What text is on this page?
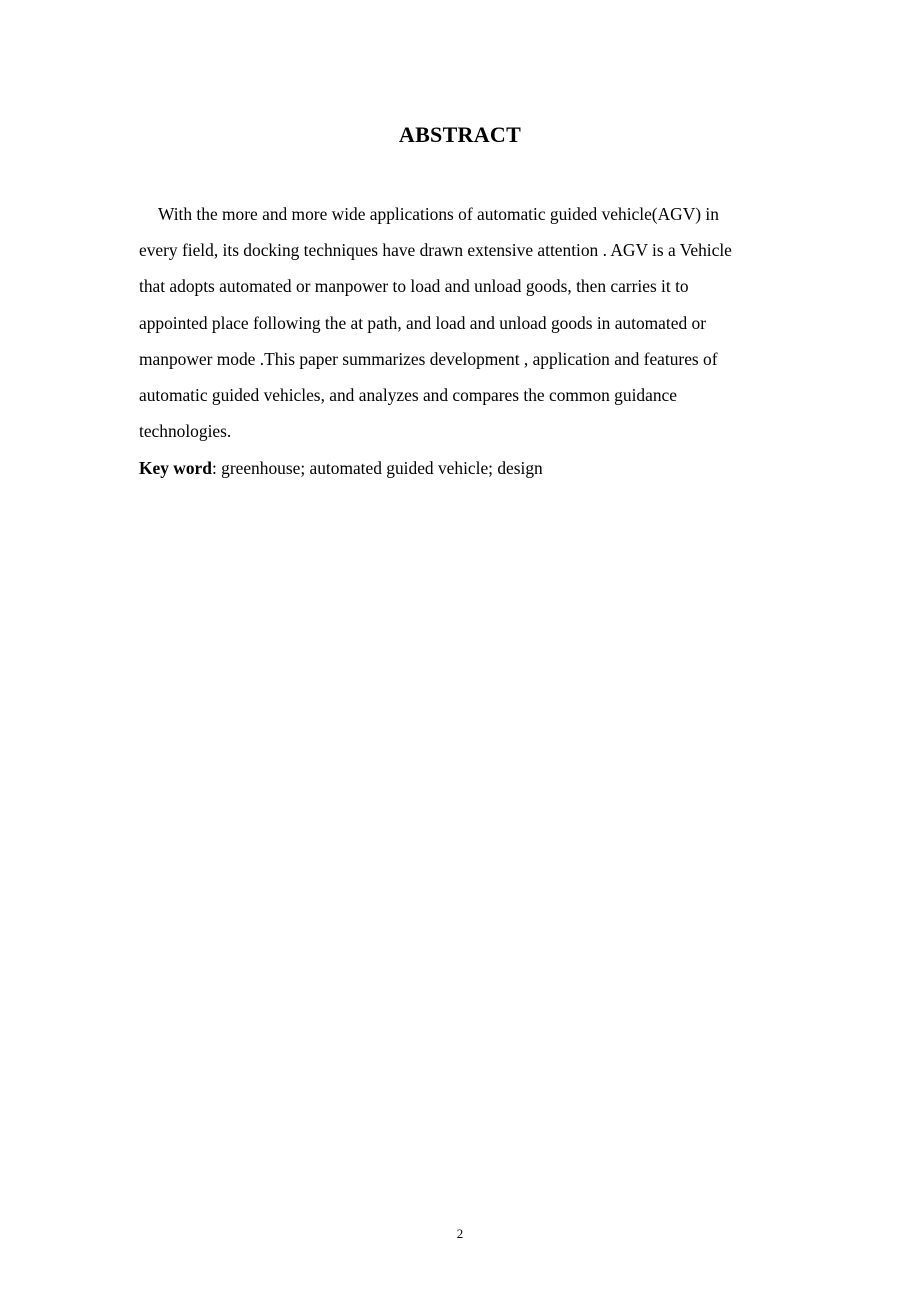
ABSTRACT
With the more and more wide applications of automatic guided vehicle(AGV) in
every field, its docking techniques have drawn extensive attention . AGV is a Vehicle
that adopts automated or manpower to load and unload goods, then carries it to
appointed place following the at path, and load and unload goods in automated or
manpower mode .This paper summarizes development , application and features of
automatic guided vehicles, and analyzes and compares the common guidance
technologies.
Key word: greenhouse; automated guided vehicle; design
2
